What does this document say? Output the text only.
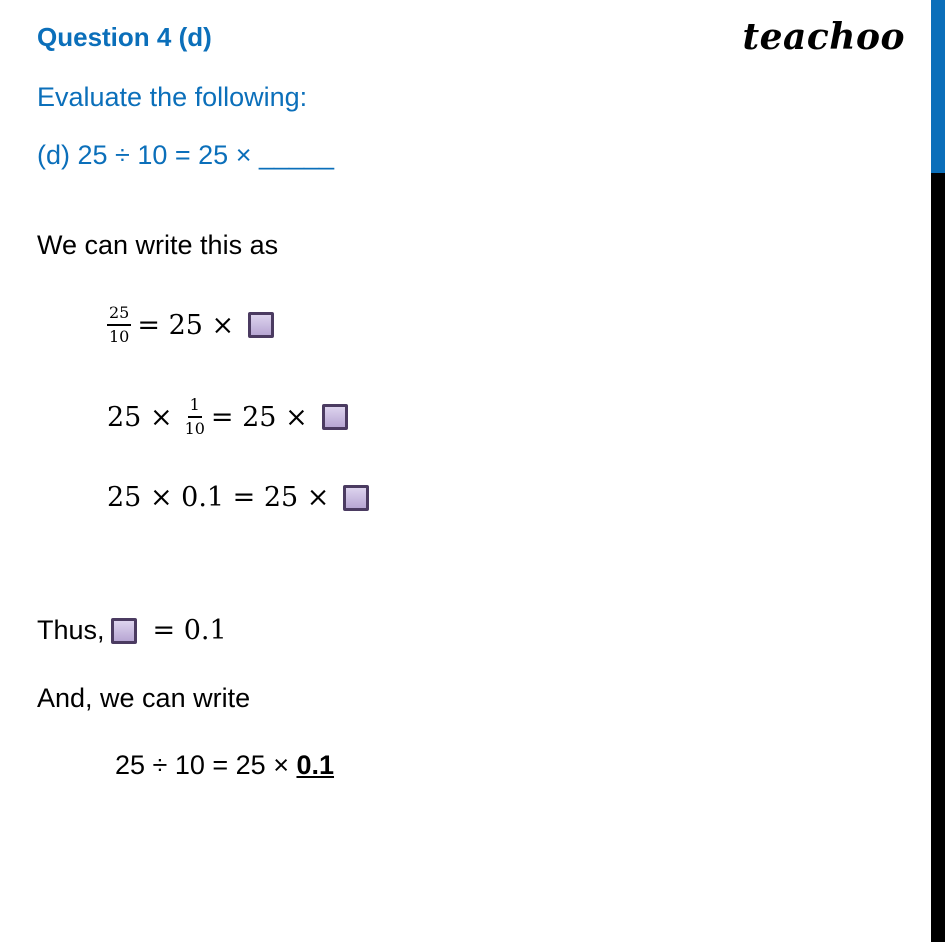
Question 4 (d)	teachoo
Evaluate the following:
(d) 25 ÷ 10 = 25 × _____
We can write this as
$\frac{25}{10} = 25$ ×
$25 \times \frac{1}{10} = 25$ ×
25 × 0.1 = 25 ×
Thus, = 0.1
And, we can write
25 ÷ 10 = 25 × 0.1
